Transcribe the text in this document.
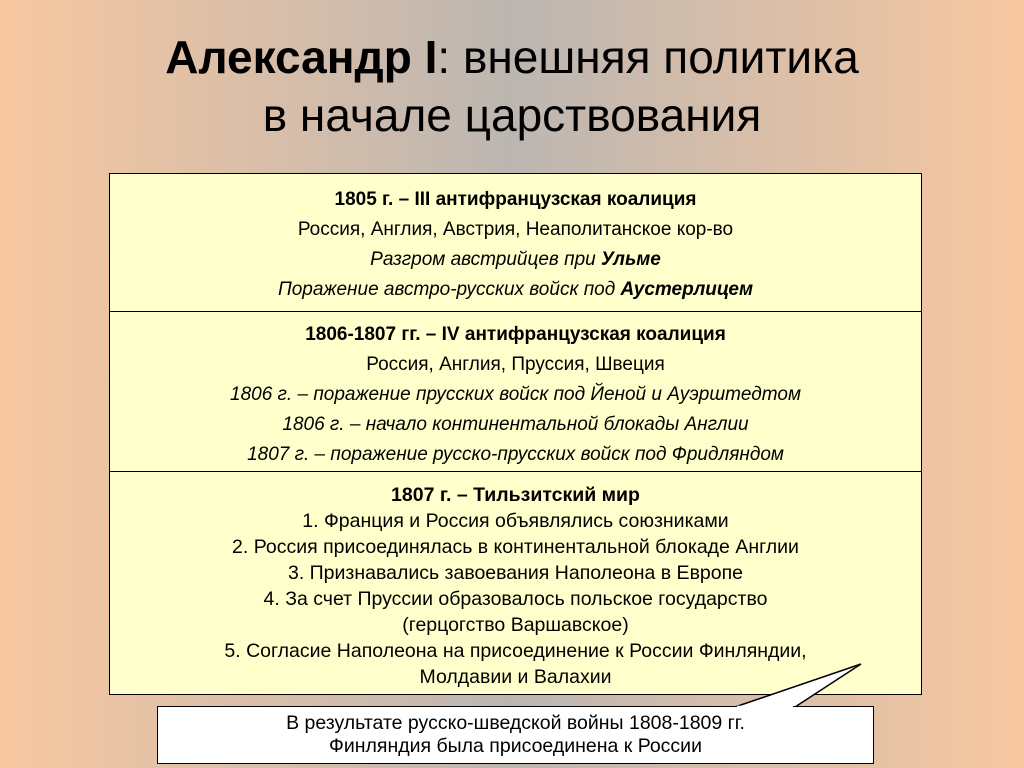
Александр I: внешняя политика
в начале царствования
1805 г. – III антифранцузская коалиция
Россия, Англия, Австрия, Неаполитанское кор-во
Разгром австрийцев при Ульме
Поражение австро-русских войск под Аустерлицем
1806-1807 гг. – IV антифранцузская коалиция
Россия, Англия, Пруссия, Швеция
1806 г. – поражение прусских войск под Йеной и Ауэрштедтом
1806 г. – начало континентальной блокады Англии
1807 г. – поражение русско-прусских войск под Фридляндом
1807 г. – Тильзитский мир
1. Франция и Россия объявлялись союзниками
2. Россия присоединялась в континентальной блокаде Англии
3. Признавались завоевания Наполеона в Европе
4. За счет Пруссии образовалось польское государство
(герцогство Варшавское)
5. Согласие Наполеона на присоединение к России Финляндии,
Молдавии и Валахии
В результате русско-шведской войны 1808-1809 гг.
Финляндия была присоединена к России
